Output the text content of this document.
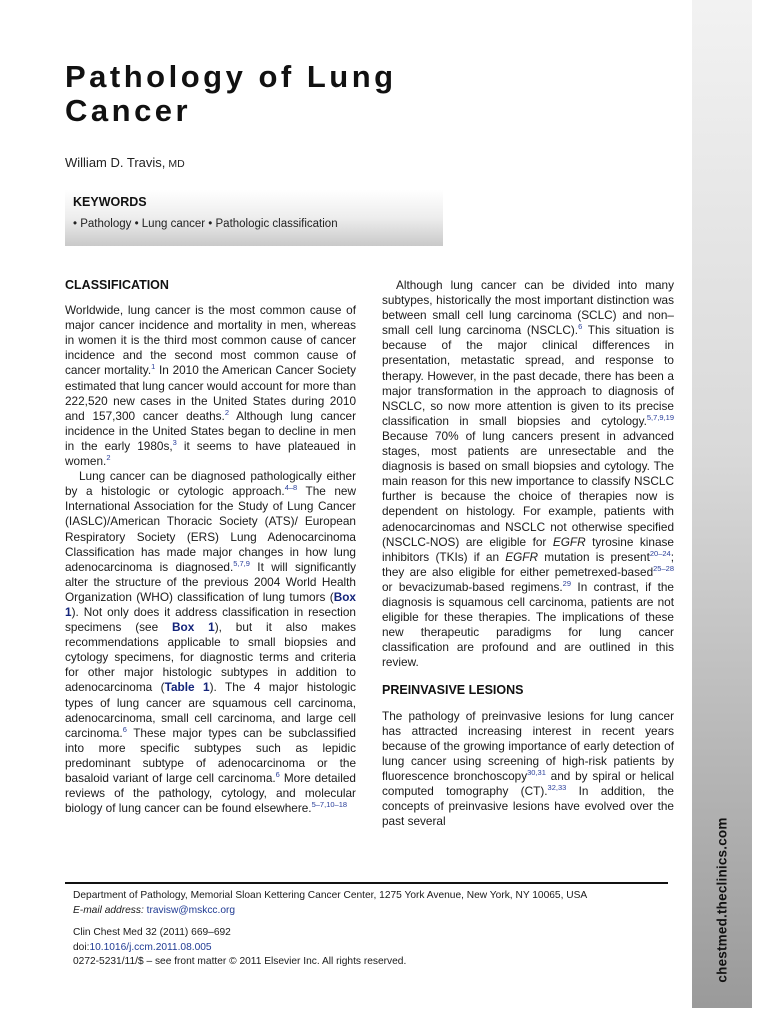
chestmed.theclinics.com
Pathology of Lung
Cancer
William D. Travis, MD
KEYWORDS
• Pathology • Lung cancer • Pathologic classification
CLASSIFICATION

Worldwide, lung cancer is the most common cause of major cancer incidence and mortality in men, whereas in women it is the third most common cause of cancer incidence and the second most common cause of cancer mortality.$^1$ In 2010 the American Cancer Society estimated that lung cancer would account for more than 222,520 new cases in the United States during 2010 and 157,300 cancer deaths.$^2$ Although lung cancer incidence in the United States began to decline in men in the early 1980s,$^3$ it seems to have plateaued in women.$^2$

Lung cancer can be diagnosed pathologically either by a histologic or cytologic approach.$^{4-8}$ The new International Association for the Study of Lung Cancer (IASLC)/American Thoracic Society (ATS)/ European Respiratory Society (ERS) Lung Adenocarcinoma Classification has made major changes in how lung adenocarcinoma is diagnosed.$^{5,7,9}$ It will significantly alter the structure of the previous 2004 World Health Organization (WHO) classification of lung tumors (Box 1). Not only does it address classification in resection specimens (see Box 1), but it also makes recommendations applicable to small biopsies and cytology specimens, for diagnostic terms and criteria for other major histologic subtypes in addition to adenocarcinoma (Table 1). The 4 major histologic types of lung cancer are squamous cell carcinoma, adenocarcinoma, small cell carcinoma, and large cell carcinoma.$^6$ These major types can be subclassified into more specific subtypes such as lepidic predominant subtype of adenocarcinoma or the basaloid variant of large cell carcinoma.$^6$ More detailed reviews of the pathology, cytology, and molecular biology of lung cancer can be found elsewhere.$^{5-7,10-18}$

Although lung cancer can be divided into many subtypes, historically the most important distinction was between small cell lung carcinoma (SCLC) and non–small cell lung carcinoma (NSCLC).$^6$ This situation is because of the major clinical differences in presentation, metastatic spread, and response to therapy. However, in the past decade, there has been a major transformation in the approach to diagnosis of NSCLC, so now more attention is given to its precise classification in small biopsies and cytology.$^{5,7,9,19}$ Because 70% of lung cancers present in advanced stages, most patients are unresectable and the diagnosis is based on small biopsies and cytology. The main reason for this new importance to classify NSCLC further is because the choice of therapies now is dependent on histology. For example, patients with adenocarcinomas and NSCLC not otherwise specified (NSCLC-NOS) are eligible for EGFR tyrosine kinase inhibitors (TKIs) if an EGFR mutation is present$^{20-24}$; they are also eligible for either pemetrexed-based$^{25-28}$ or bevacizumab-based regimens.$^{29}$ In contrast, if the diagnosis is squamous cell carcinoma, patients are not eligible for these therapies. The implications of these new therapeutic paradigms for lung cancer classification are profound and are outlined in this review.

PREINVASIVE LESIONS

The pathology of preinvasive lesions for lung cancer has attracted increasing interest in recent years because of the growing importance of early detection of lung cancer using screening of high-risk patients by fluorescence bronchoscopy$^{30,31}$ and by spiral or helical computed tomography (CT).$^{32,33}$ In addition, the concepts of preinvasive lesions have evolved over the past several

Department of Pathology, Memorial Sloan Kettering Cancer Center, 1275 York Avenue, New York, NY 10065, USA
E-mail address: travisw@mskcc.org
Clin Chest Med 32 (2011) 669–692
doi:10.1016/j.ccm.2011.08.005
0272-5231/11/$ – see front matter © 2011 Elsevier Inc. All rights reserved.
